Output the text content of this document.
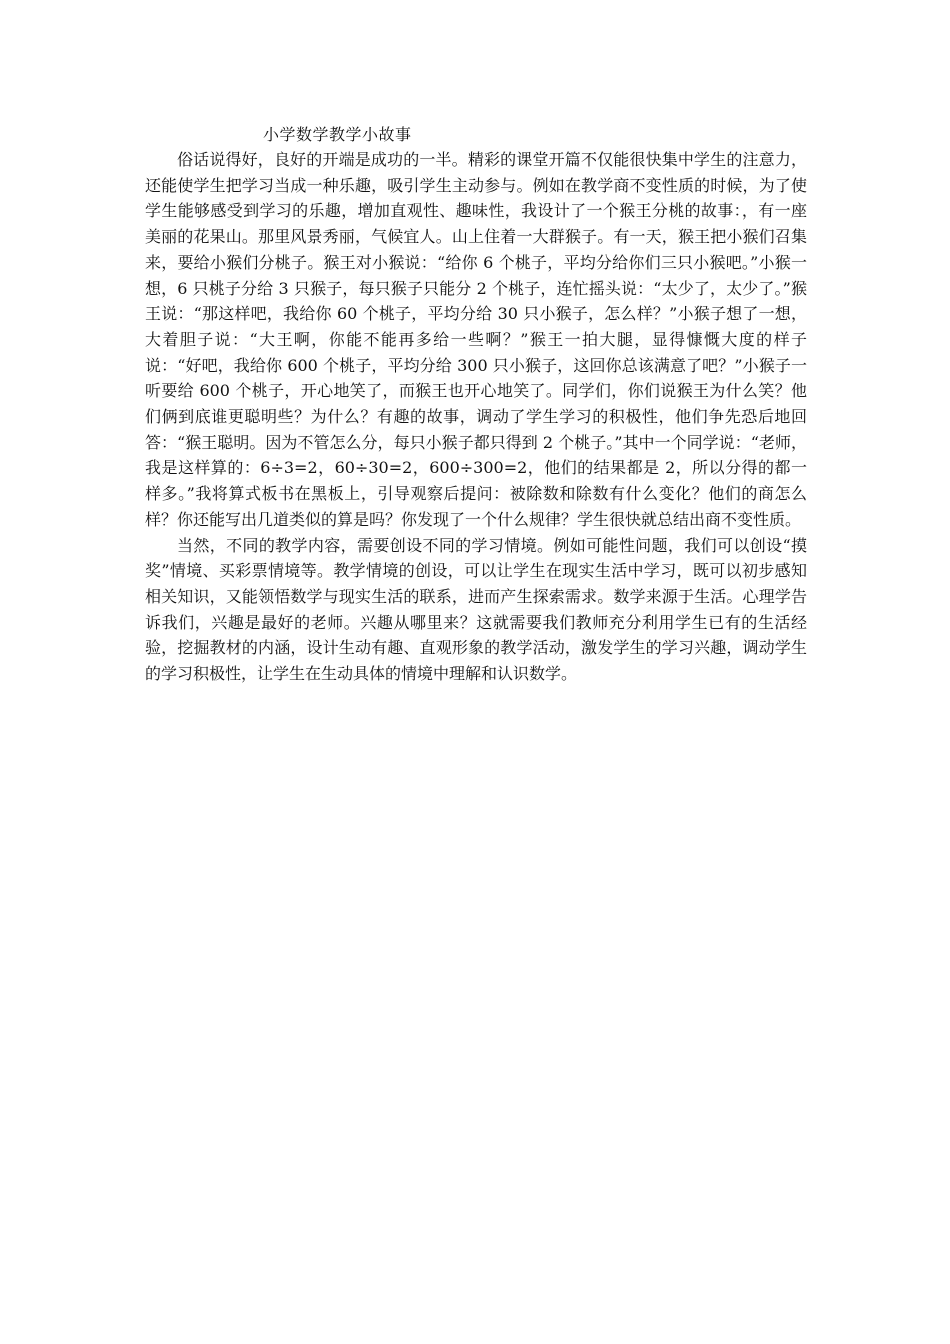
小学数学教学小故事

俗话说得好，良好的开端是成功的一半。精彩的课堂开篇不仅能很快集中学生的注意力，还能使学生把学习当成一种乐趣，吸引学生主动参与。例如在教学商不变性质的时候，为了使学生能够感受到学习的乐趣，增加直观性、趣味性，我设计了一个猴王分桃的故事：，有一座美丽的花果山。那里风景秀丽，气候宜人。山上住着一大群猴子。有一天，猴王把小猴们召集来，要给小猴们分桃子。猴王对小猴说：“给你 6 个桃子，平均分给你们三只小猴吧。”小猴一想，6 只桃子分给 3 只猴子，每只猴子只能分 2 个桃子，连忙摇头说：“太少了，太少了。”猴王说：“那这样吧，我给你 60 个桃子，平均分给 30 只小猴子，怎么样？”小猴子想了一想，大着胆子说：“大王啊，你能不能再多给一些啊？”猴王一拍大腿，显得慷慨大度的样子说：“好吧，我给你 600 个桃子，平均分给 300 只小猴子，这回你总该满意了吧？”小猴子一听要给 600 个桃子，开心地笑了，而猴王也开心地笑了。同学们，你们说猴王为什么笑？他们俩到底谁更聪明些？为什么？有趣的故事，调动了学生学习的积极性，他们争先恐后地回答：“猴王聪明。因为不管怎么分，每只小猴子都只得到 2 个桃子。”其中一个同学说：“老师，我是这样算的：6÷3=2，60÷30=2，600÷300=2，他们的结果都是 2，所以分得的都一样多。”我将算式板书在黑板上，引导观察后提问：被除数和除数有什么变化？他们的商怎么样？你还能写出几道类似的算是吗？你发现了一个什么规律？学生很快就总结出商不变性质。

当然，不同的教学内容，需要创设不同的学习情境。例如可能性问题，我们可以创设“摸奖”情境、买彩票情境等。教学情境的创设，可以让学生在现实生活中学习，既可以初步感知相关知识，又能领悟数学与现实生活的联系，进而产生探索需求。数学来源于生活。心理学告诉我们，兴趣是最好的老师。兴趣从哪里来？这就需要我们教师充分利用学生已有的生活经验，挖掘教材的内涵，设计生动有趣、直观形象的教学活动，激发学生的学习兴趣，调动学生的学习积极性，让学生在生动具体的情境中理解和认识数学。
